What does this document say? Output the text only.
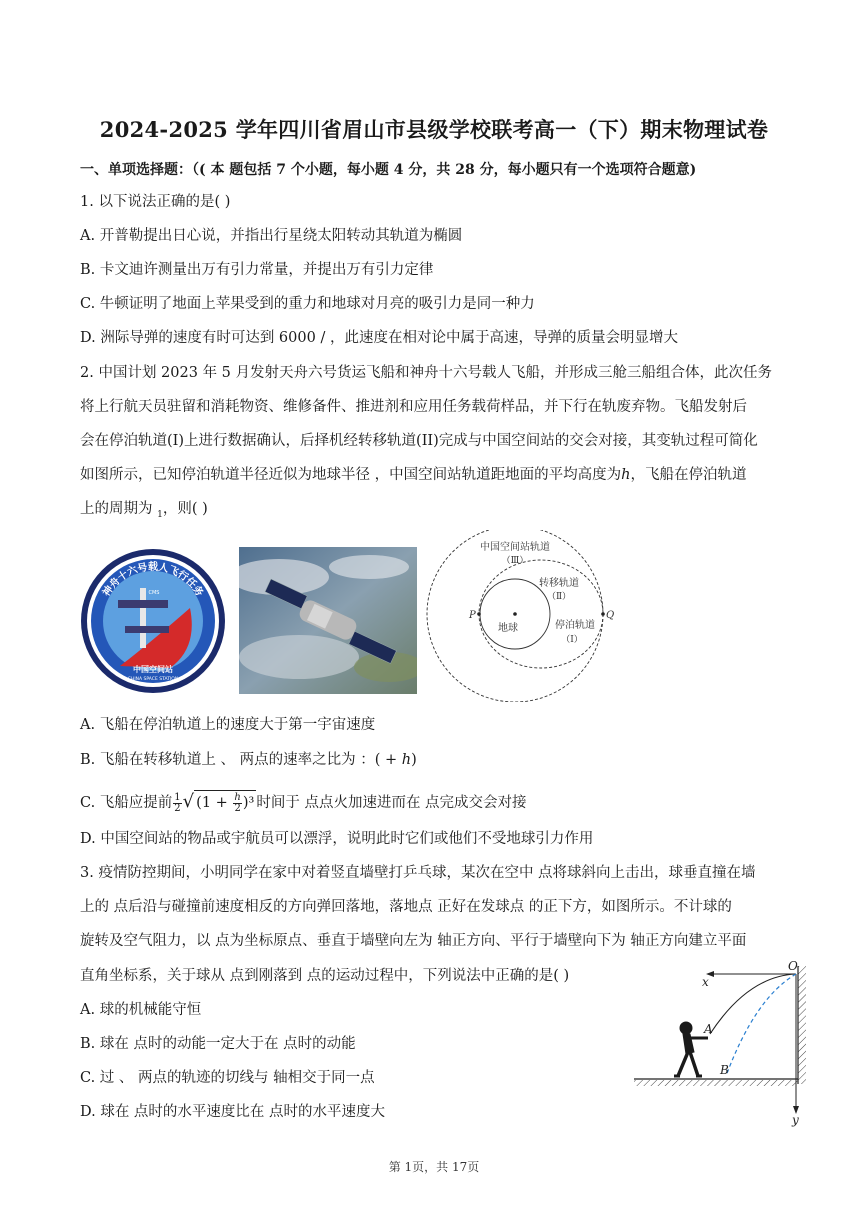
2024-2025 学年四川省眉山市县级学校联考高一（下）期末物理试卷
一、单项选择题：（( 本 题包括 7 个小题，每小题 4 分，共 28 分，每小题只有一个选项符合题意)
1. 以下说法正确的是( )
A. 开普勒提出日心说，并指出行星绕太阳转动其轨道为椭圆
B. 卡文迪许测量出万有引力常量，并提出万有引力定律
C. 牛顿证明了地面上苹果受到的重力和地球对月亮的吸引力是同一种力
D. 洲际导弹的速度有时可达到 6000 / ，此速度在相对论中属于高速，导弹的质量会明显增大
2. 中国计划 2023 年 5 月发射天舟六号货运飞船和神舟十六号载人飞船，并形成三舱三船组合体，此次任务
将上行航天员驻留和消耗物资、维修备件、推进剂和应用任务载荷样品，并下行在轨废弃物。飞船发射后
会在停泊轨道(I)上进行数据确认，后择机经转移轨道(II)完成与中国空间站的交会对接，其变轨过程可简化
如图所示，已知停泊轨道半径近似为地球半径 ，中国空间站轨道距地面的平均高度为h，飞船在停泊轨道
上的周期为 $_1$，则( )
神舟十六号载人飞行任务
中国空间站
CHINA SPACE STATION
CMS
中国空间站轨道
（Ⅲ）
转移轨道
（Ⅱ）
停泊轨道
（Ⅰ）
地球
P	Q
A. 飞船在停泊轨道上的速度大于第一宇宙速度
B. 飞船在转移轨道上 、 两点的速率之比为 ：( + h)
C. 飞船应提前 $\frac{1}{2}$ √ $(1 + \frac{h}{2} )^3$ 时间于 点点火加速进而在 点完成交会对接
D. 中国空间站的物品或宇航员可以漂浮，说明此时它们或他们不受地球引力作用
3. 疫情防控期间，小明同学在家中对着竖直墙壁打乒乓球，某次在空中 点将球斜向上击出，球垂直撞在墙
上的 点后沿与碰撞前速度相反的方向弹回落地，落地点 正好在发球点 的正下方，如图所示。不计球的
旋转及空气阻力，以 点为坐标原点、垂直于墙壁向左为 轴正方向、平行于墙壁向下为 轴正方向建立平面
直角坐标系，关于球从 点到刚落到 点的运动过程中，下列说法中正确的是( )
A. 球的机械能守恒
B. 球在 点时的动能一定大于在 点时的动能
C. 过 、 两点的轨迹的切线与 轴相交于同一点
D. 球在 点时的水平速度比在 点时的水平速度大
O
x
y
A
B
第 1页，共 17页
